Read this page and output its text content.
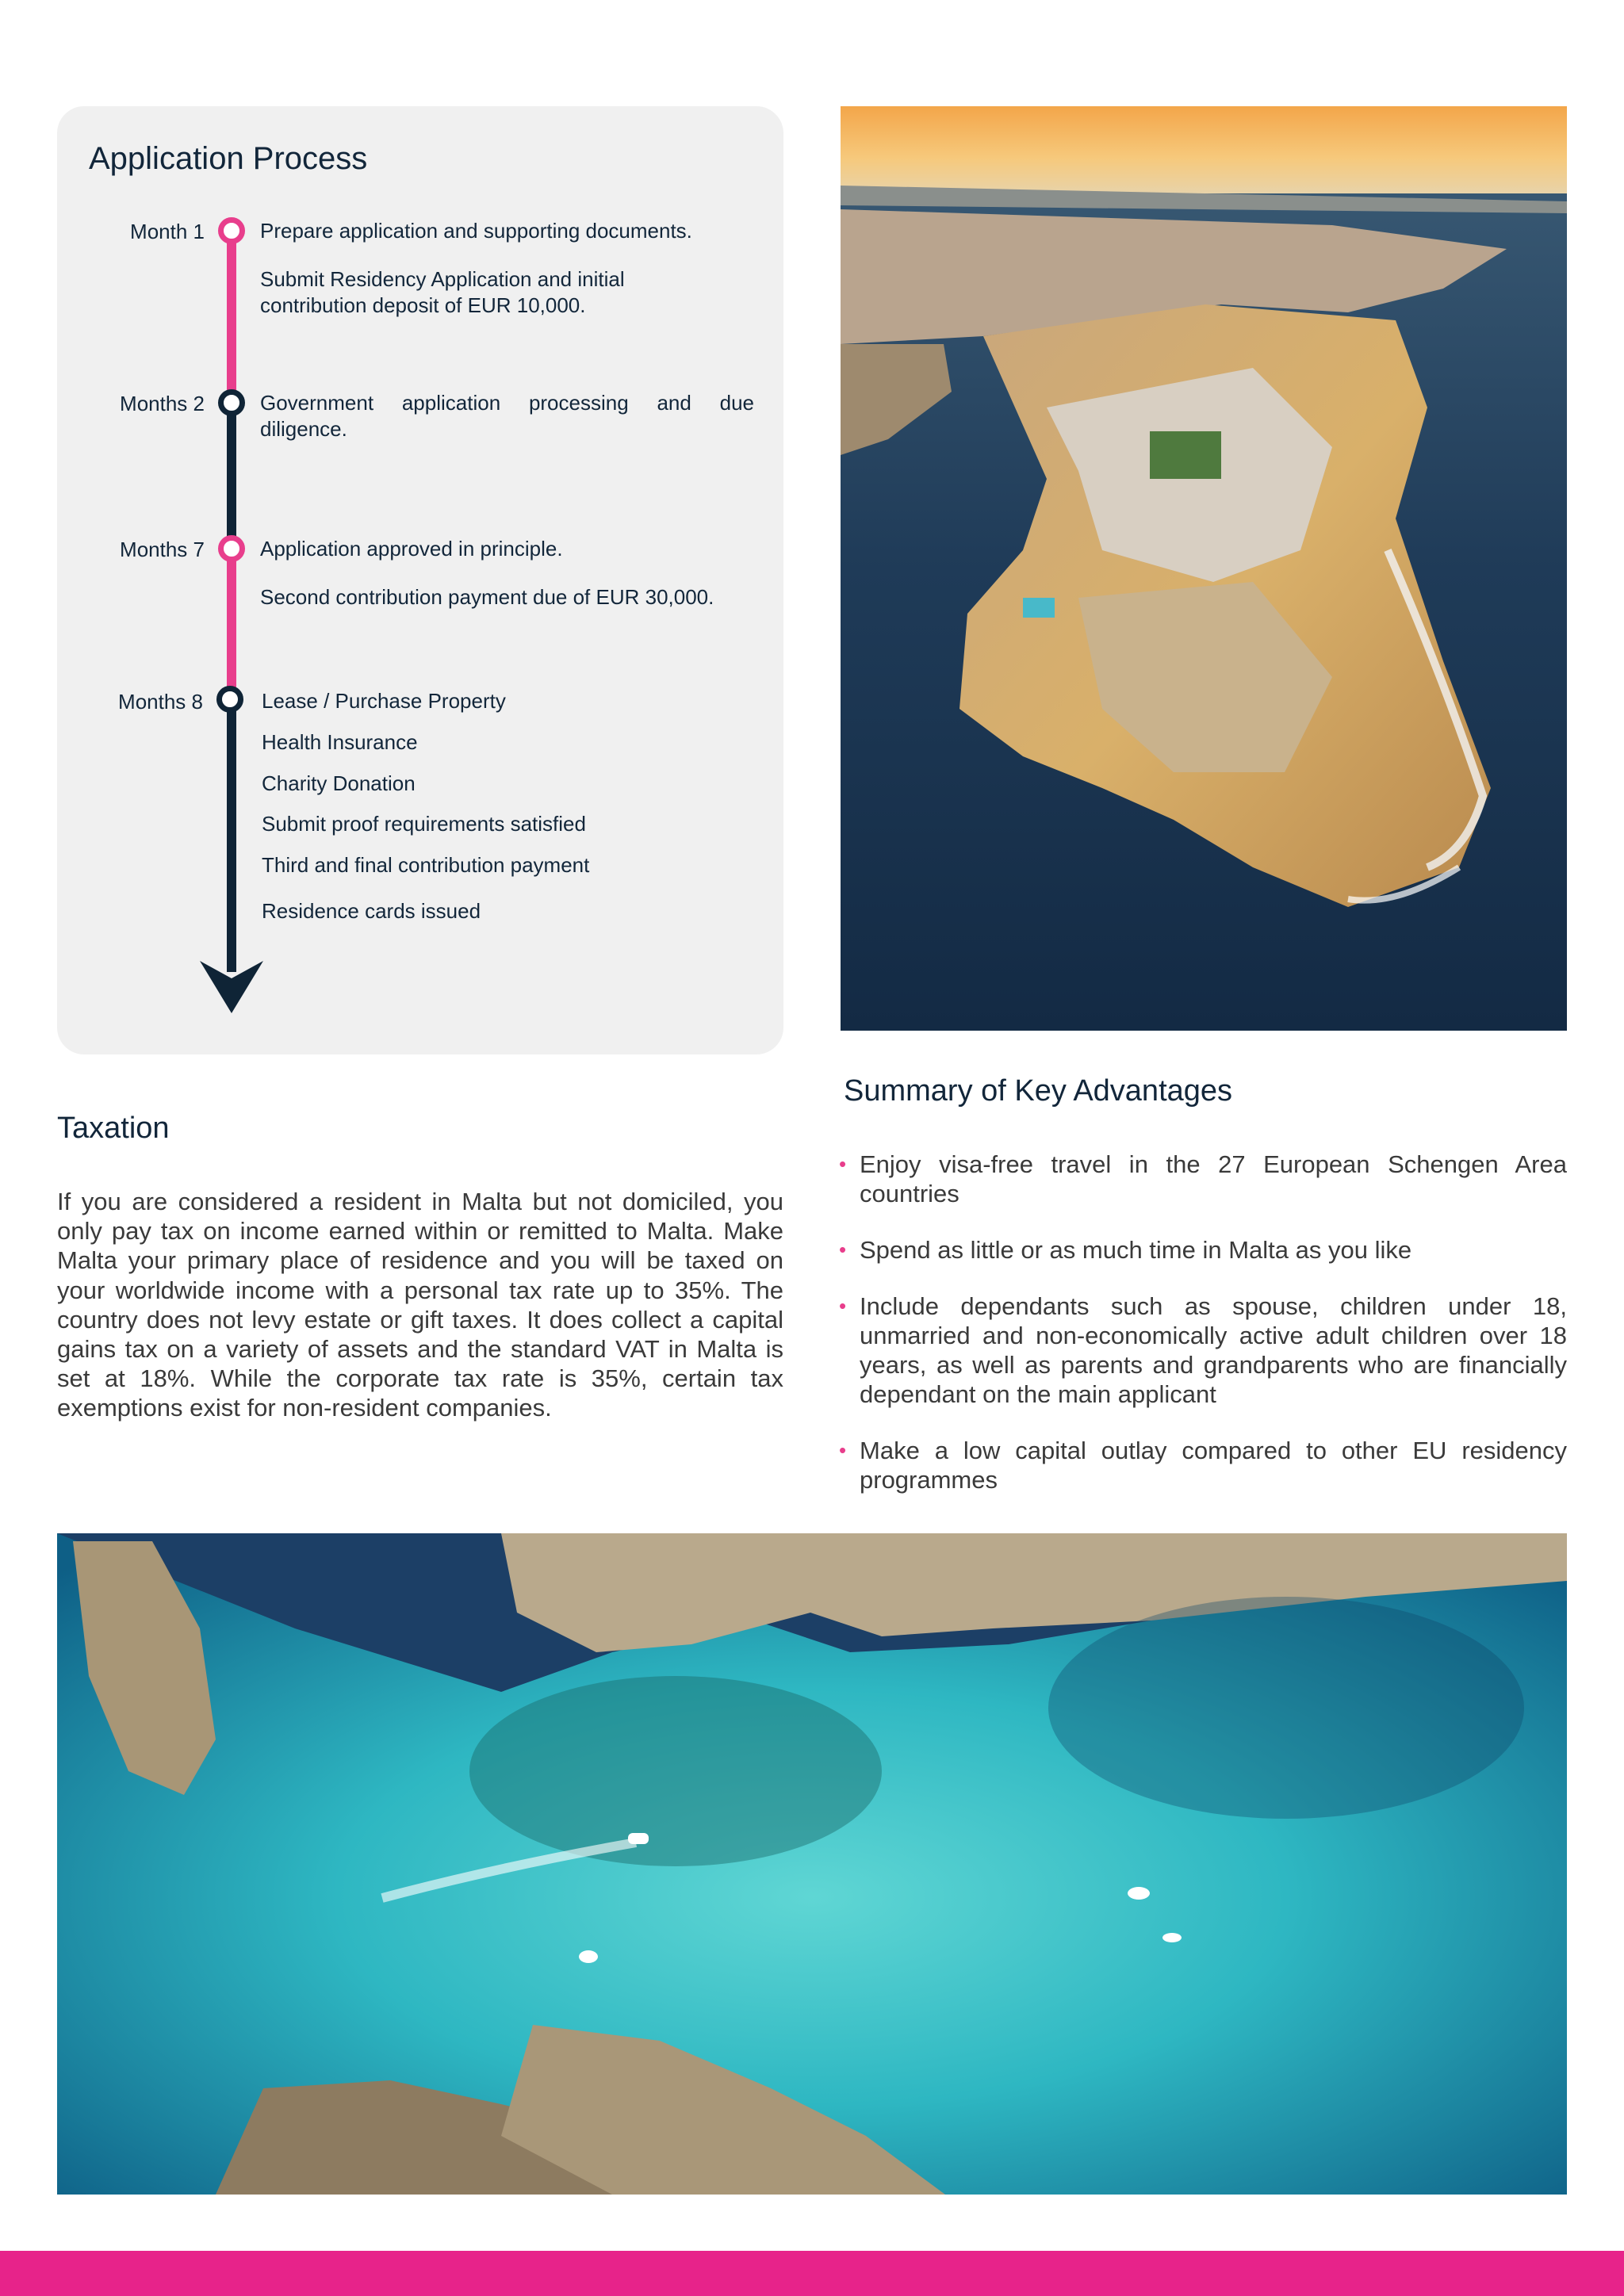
Application Process
Month 1	Prepare application and supporting documents.
Submit Residency Application and initial contribution deposit of EUR 10,000.
Months 2	Government application processing and due diligence.
Months 7	Application approved in principle.
Second contribution payment due of EUR 30,000.
Months 8	Lease / Purchase Property
Health Insurance
Charity Donation
Submit proof requirements satisfied
Third and final contribution payment
Residence cards issued
Taxation

If you are considered a resident in Malta but not domiciled, you only pay tax on income earned within or remitted to Malta. Make Malta your primary place of residence and you will be taxed on your worldwide income with a personal tax rate up to 35%. The country does not levy estate or gift taxes. It does collect a capital gains tax on a variety of assets and the standard VAT in Malta is set at 18%. While the corporate tax rate is 35%, certain tax exemptions exist for non-resident companies.

Summary of Key Advantages
• Enjoy visa-free travel in the 27 European Schengen Area countries
• Spend as little or as much time in Malta as you like
• Include dependants such as spouse, children under 18, unmarried and non-economically active adult children over 18 years, as well as parents and grandparents who are financially dependant on the main applicant
• Make a low capital outlay compared to other EU residency programmes
